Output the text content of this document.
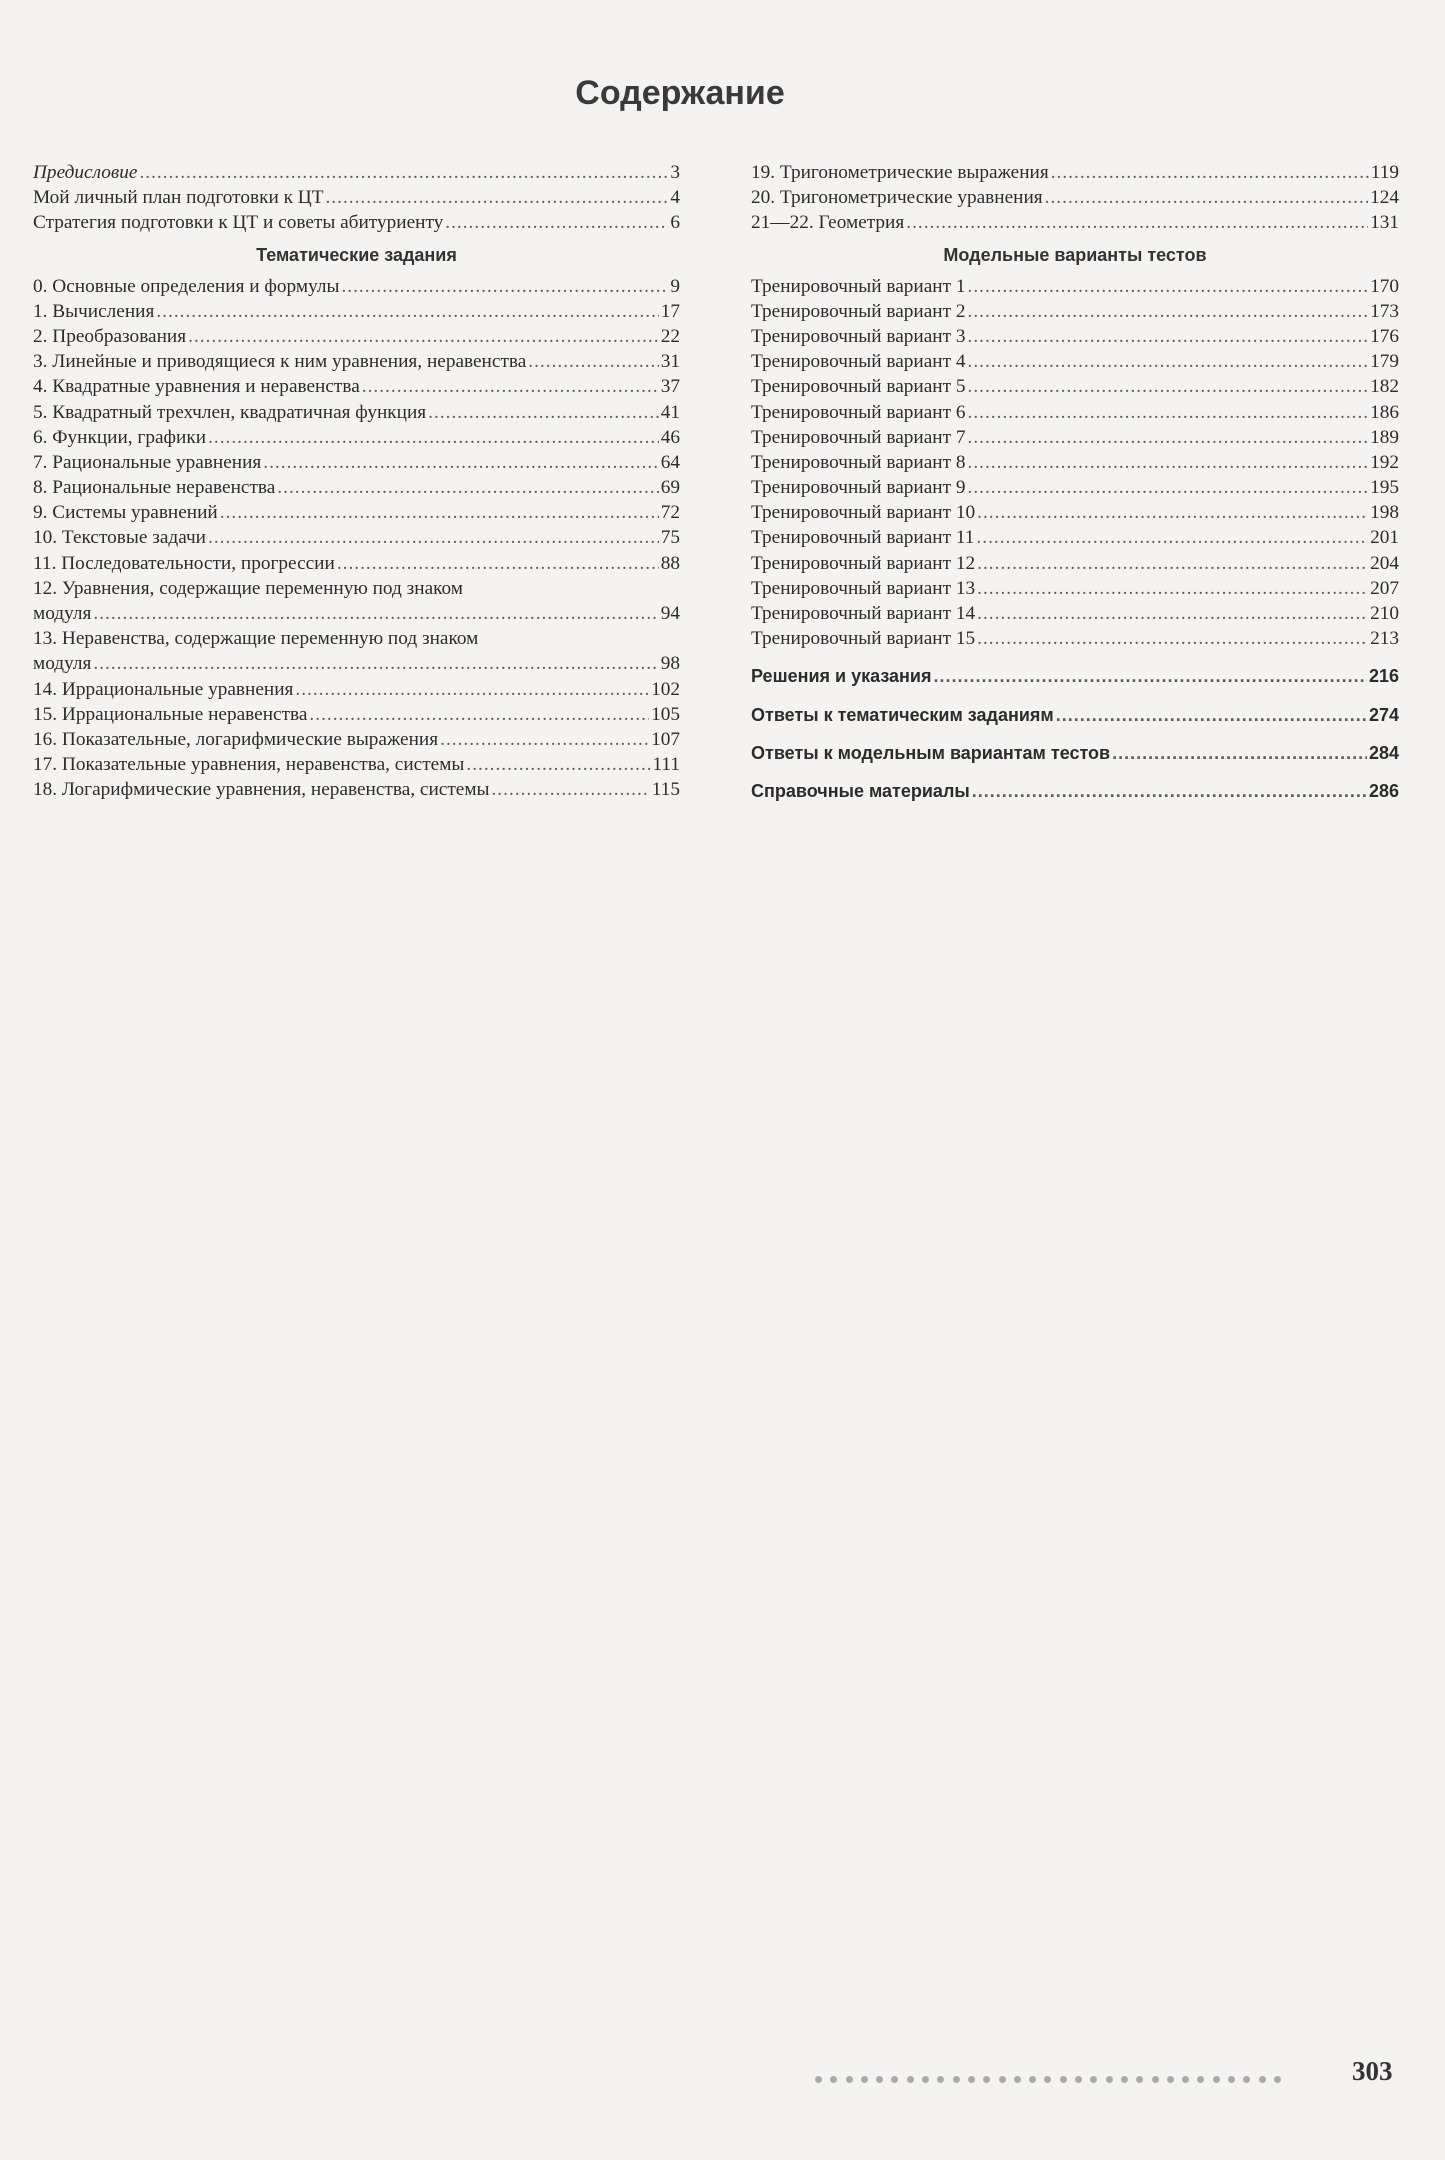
Содержание
Предисловие .....	3
Мой личный план подготовки к ЦТ .....	4
Стратегия подготовки к ЦТ и советы абитуриенту .....	6
Тематические задания
0. Основные определения и формулы .....	9
1. Вычисления .....	17
2. Преобразования .....	22
3. Линейные и приводящиеся к ним уравнения, неравенства .....	31
4. Квадратные уравнения и неравенства .....	37
5. Квадратный трехчлен, квадратичная функция .....	41
6. Функции, графики .....	46
7. Рациональные уравнения .....	64
8. Рациональные неравенства .....	69
9. Системы уравнений .....	72
10. Текстовые задачи .....	75
11. Последовательности, прогрессии .....	88
12. Уравнения, содержащие переменную под знаком
модуля .....	94
13. Неравенства, содержащие переменную под знаком
модуля .....	98
14. Иррациональные уравнения .....	102
15. Иррациональные неравенства .....	105
16. Показательные, логарифмические выражения .....	107
17. Показательные уравнения, неравенства, системы .....	111
18. Логарифмические уравнения, неравенства, системы .....	115
19. Тригонометрические выражения .....	119
20. Тригонометрические уравнения .....	124
21—22. Геометрия .....	131
Модельные варианты тестов
Тренировочный вариант 1 .....	170
Тренировочный вариант 2 .....	173
Тренировочный вариант 3 .....	176
Тренировочный вариант 4 .....	179
Тренировочный вариант 5 .....	182
Тренировочный вариант 6 .....	186
Тренировочный вариант 7 .....	189
Тренировочный вариант 8 .....	192
Тренировочный вариант 9 .....	195
Тренировочный вариант 10 .....	198
Тренировочный вариант 11 .....	201
Тренировочный вариант 12 .....	204
Тренировочный вариант 13 .....	207
Тренировочный вариант 14 .....	210
Тренировочный вариант 15 .....	213
Решения и указания .....	216
Ответы к тематическим заданиям .....	274
Ответы к модельным вариантам тестов .....	284
Справочные материалы .....	286
303
